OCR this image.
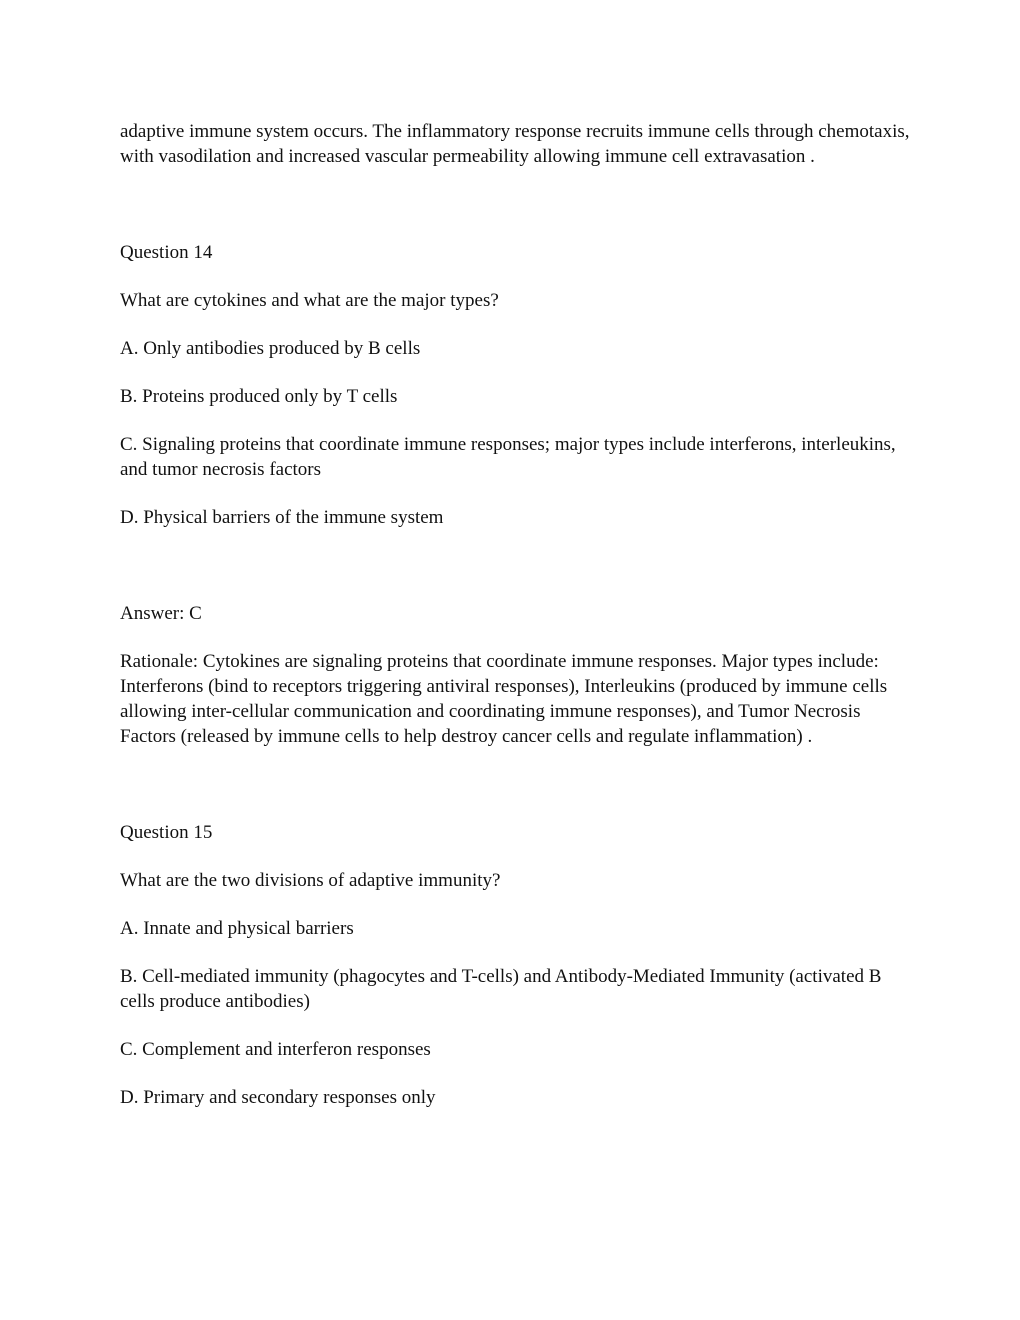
adaptive immune system occurs. The inflammatory response recruits immune cells through chemotaxis, with vasodilation and increased vascular permeability allowing immune cell extravasation .

Question 14

What are cytokines and what are the major types?

A. Only antibodies produced by B cells

B. Proteins produced only by T cells

C. Signaling proteins that coordinate immune responses; major types include interferons, interleukins, and tumor necrosis factors

D. Physical barriers of the immune system

Answer: C

Rationale: Cytokines are signaling proteins that coordinate immune responses. Major types include: Interferons (bind to receptors triggering antiviral responses), Interleukins (produced by immune cells allowing inter-cellular communication and coordinating immune responses), and Tumor Necrosis Factors (released by immune cells to help destroy cancer cells and regulate inflammation) .

Question 15

What are the two divisions of adaptive immunity?

A. Innate and physical barriers

B. Cell-mediated immunity (phagocytes and T-cells) and Antibody-Mediated Immunity (activated B cells produce antibodies)

C. Complement and interferon responses

D. Primary and secondary responses only
